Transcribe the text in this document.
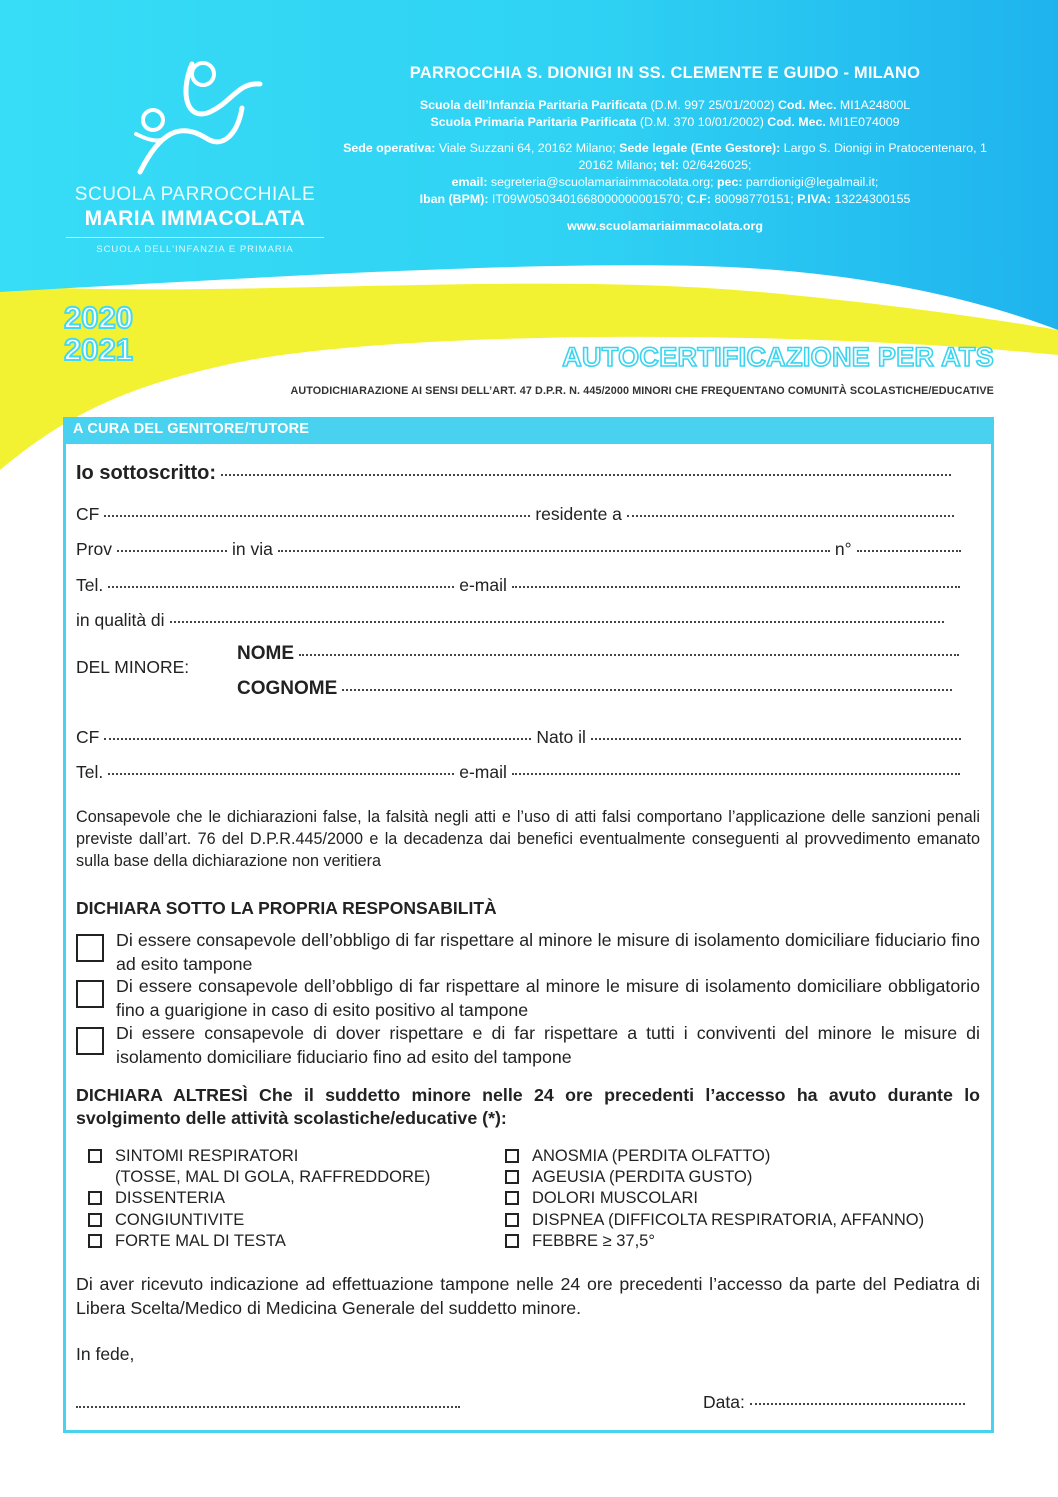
SCUOLA PARROCCHIALE
MARIA IMMACOLATA
SCUOLA DELL'INFANZIA E PRIMARIA
PARROCCHIA S. DIONIGI IN SS. CLEMENTE E GUIDO - MILANO
Scuola dell’Infanzia Paritaria Parificata (D.M. 997 25/01/2002) Cod. Mec. MI1A24800L
Scuola Primaria Paritaria Parificata (D.M. 370 10/01/2002) Cod. Mec. MI1E074009
Sede operativa: Viale Suzzani 64, 20162 Milano; Sede legale (Ente Gestore): Largo S. Dionigi in Pratocentenaro, 1 20162 Milano; tel: 02/6426025;
email: segreteria@scuolamariaimmacolata.org; pec: parrdionigi@legalmail.it;
Iban (BPM): IT09W0503401668000000001570; C.F: 80098770151; P.IVA: 13224300155
www.scuolamariaimmacolata.org
2020
2021	AUTOCERTIFICAZIONE PER ATS
AUTODICHIARAZIONE AI SENSI DELL’ART. 47 D.P.R. N. 445/2000 MINORI CHE FREQUENTANO COMUNITÀ SCOLASTICHE/EDUCATIVE
A CURA DEL GENITORE/TUTORE
Io sottoscritto:
CF	residente a
Prov	in via	n°
Tel.	e-mail
in qualità di
DEL MINORE:
NOME
COGNOME
CF	Nato il
Tel.	e-mail
Consapevole che le dichiarazioni false, la falsità negli atti e l’uso di atti falsi comportano l’applicazione delle sanzioni penali previste dall’art. 76 del D.P.R.445/2000 e la decadenza dai benefici eventualmente conseguenti al provvedimento emanato sulla base della dichiarazione non veritiera
DICHIARA SOTTO LA PROPRIA RESPONSABILITÀ
Di essere consapevole dell’obbligo di far rispettare al minore le misure di isolamento domiciliare fiduciario fino ad esito tampone
Di essere consapevole dell’obbligo di far rispettare al minore le misure di isolamento domiciliare obbligatorio fino a guarigione in caso di esito positivo al tampone
Di essere consapevole di dover rispettare e di far rispettare a tutti i conviventi del minore le misure di isolamento domiciliare fiduciario fino ad esito del tampone
DICHIARA ALTRESÌ Che il suddetto minore nelle 24 ore precedenti l’accesso ha avuto durante lo svolgimento delle attività scolastiche/educative (*):
SINTOMI RESPIRATORI
(TOSSE, MAL DI GOLA, RAFFREDDORE)
DISSENTERIA
CONGIUNTIVITE
FORTE MAL DI TESTA
ANOSMIA (PERDITA OLFATTO)
AGEUSIA (PERDITA GUSTO)
DOLORI MUSCOLARI
DISPNEA (DIFFICOLTA RESPIRATORIA, AFFANNO)
FEBBRE ≥ 37,5°
Di aver ricevuto indicazione ad effettuazione tampone nelle 24 ore precedenti l’accesso da parte del Pediatra di Libera Scelta/Medico di Medicina Generale del suddetto minore.
In fede,
Data:
